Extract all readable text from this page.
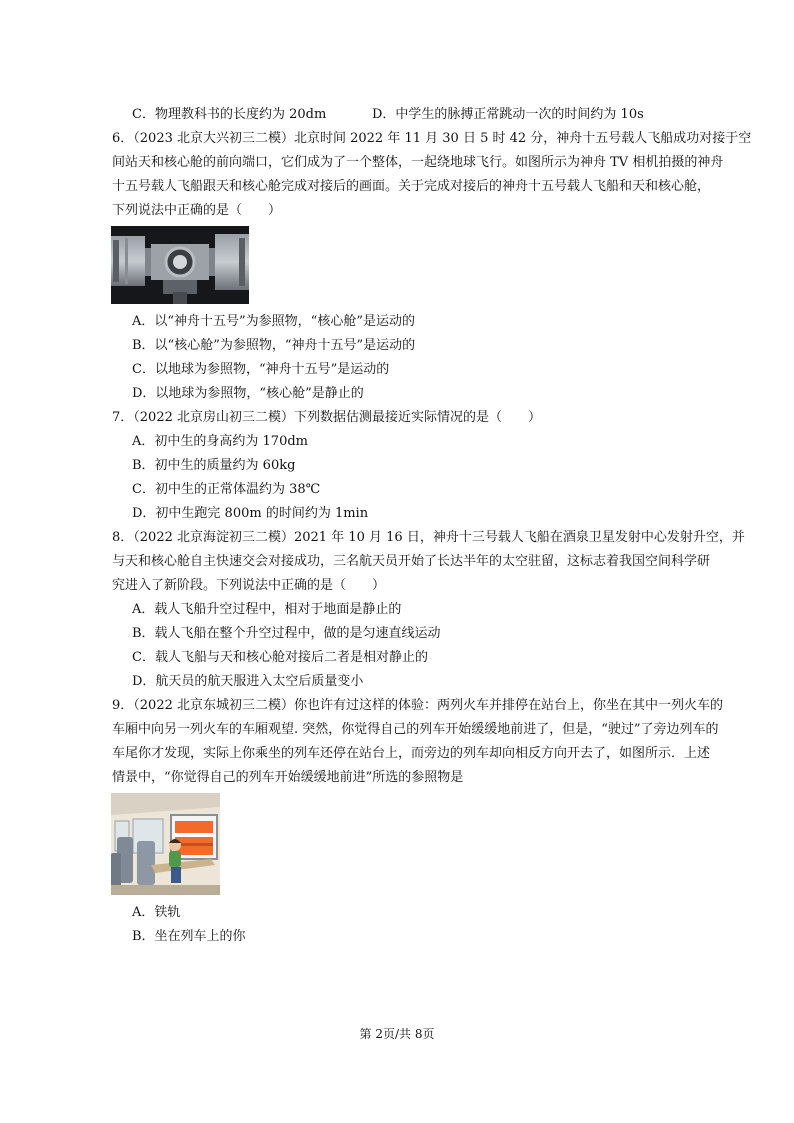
C．物理教科书的长度约为 20dm	D．中学生的脉搏正常跳动一次的时间约为 10s
6．（2023 北京大兴初三二模）北京时间 2022 年 11 月 30 日 5 时 42 分，神舟十五号载人飞船成功对接于空
间站天和核心舱的前向端口，它们成为了一个整体，一起绕地球飞行。如图所示为神舟 TV 相机拍摄的神舟
十五号载人飞船跟天和核心舱完成对接后的画面。关于完成对接后的神舟十五号载人飞船和天和核心舱，
下列说法中正确的是（　　）
A．以“神舟十五号”为参照物，“核心舱”是运动的
B．以“核心舱”为参照物，“神舟十五号”是运动的
C．以地球为参照物，“神舟十五号”是运动的
D．以地球为参照物，“核心舱”是静止的
7．（2022 北京房山初三二模）下列数据估测最接近实际情况的是（　　）
A．初中生的身高约为 170dm
B．初中生的质量约为 60kg
C．初中生的正常体温约为 38℃
D．初中生跑完 800m 的时间约为 1min
8．（2022 北京海淀初三二模）2021 年 10 月 16 日，神舟十三号载人飞船在酒泉卫星发射中心发射升空，并
与天和核心舱自主快速交会对接成功，三名航天员开始了长达半年的太空驻留，这标志着我国空间科学研
究进入了新阶段。下列说法中正确的是（　　）
A．载人飞船升空过程中，相对于地面是静止的
B．载人飞船在整个升空过程中，做的是匀速直线运动
C．载人飞船与天和核心舱对接后二者是相对静止的
D．航天员的航天服进入太空后质量变小
9．（2022 北京东城初三二模）你也许有过这样的体验：两列火车并排停在站台上，你坐在其中一列火车的
车厢中向另一列火车的车厢观望. 突然，你觉得自己的列车开始缓缓地前进了，但是，“驶过”了旁边列车的
车尾你才发现，实际上你乘坐的列车还停在站台上，而旁边的列车却向相反方向开去了，如图所示．上述
情景中，“你觉得自己的列车开始缓缓地前进”所选的参照物是
A．铁轨
B．坐在列车上的你
第 2页/共 8页
